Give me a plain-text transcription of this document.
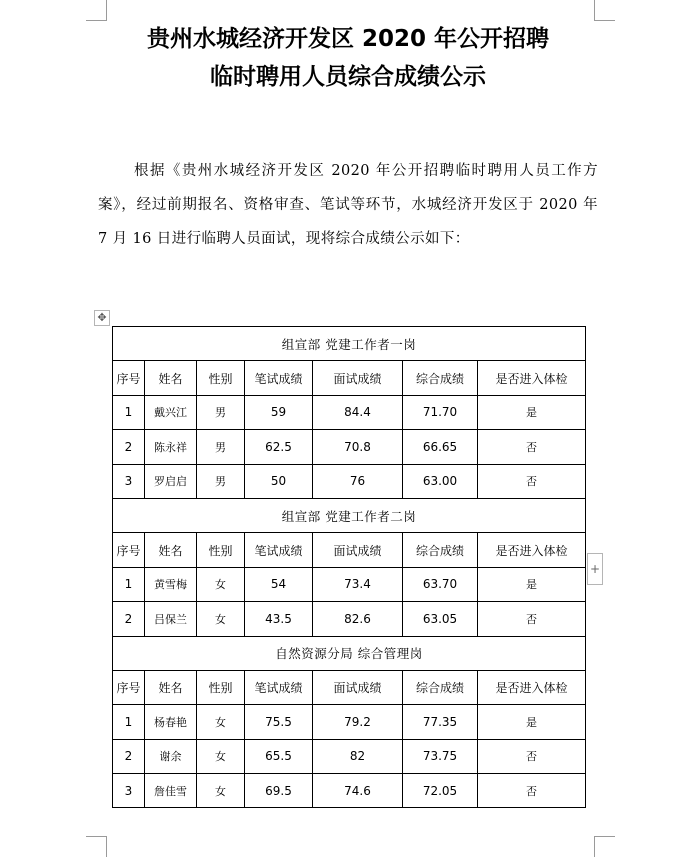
贵州水城经济开发区 2020 年公开招聘
临时聘用人员综合成绩公示
根据《贵州水城经济开发区 2020 年公开招聘临时聘用人员工作方案》，经过前期报名、资格审查、笔试等环节，水城经济开发区于 2020 年 7 月 16 日进行临聘人员面试，现将综合成绩公示如下：
✥
组宣部 党建工作者一岗						
序号	姓名	性别	笔试成绩	面试成绩	综合成绩	是否进入体检
1	戴兴江	男	59	84.4	71.70	是
2	陈永祥	男	62.5	70.8	66.65	否
3	罗启启	男	50	76	63.00	否
组宣部 党建工作者二岗						
序号	姓名	性别	笔试成绩	面试成绩	综合成绩	是否进入体检
1	黄雪梅	女	54	73.4	63.70	是
2	吕保兰	女	43.5	82.6	63.05	否
自然资源分局 综合管理岗						
序号	姓名	性别	笔试成绩	面试成绩	综合成绩	是否进入体检
1	杨春艳	女	75.5	79.2	77.35	是
2	谢余	女	65.5	82	73.75	否
3	詹佳雪	女	69.5	74.6	72.05	否
+
